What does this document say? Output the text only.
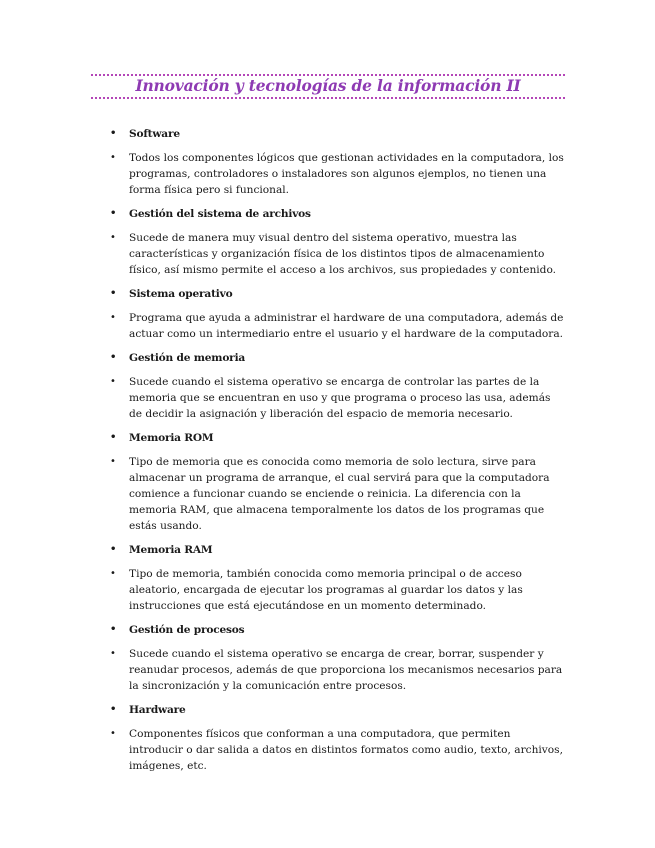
Innovación y tecnologías de la información II
• Software
• Todos los componentes lógicos que gestionan actividades en la computadora, los programas, controladores o instaladores son algunos ejemplos, no tienen una forma física pero si funcional.
• Gestión del sistema de archivos
• Sucede de manera muy visual dentro del sistema operativo, muestra las características y organización física de los distintos tipos de almacenamiento físico, así mismo permite el acceso a los archivos, sus propiedades y contenido.
• Sistema operativo
• Programa que ayuda a administrar el hardware de una computadora, además de actuar como un intermediario entre el usuario y el hardware de la computadora.
• Gestión de memoria
• Sucede cuando el sistema operativo se encarga de controlar las partes de la memoria que se encuentran en uso y que programa o proceso las usa, además de decidir la asignación y liberación del espacio de memoria necesario.
• Memoria ROM
• Tipo de memoria que es conocida como memoria de solo lectura, sirve para almacenar un programa de arranque, el cual servirá para que la computadora comience a funcionar cuando se enciende o reinicia. La diferencia con la memoria RAM, que almacena temporalmente los datos de los programas que estás usando.
• Memoria RAM
• Tipo de memoria, también conocida como memoria principal o de acceso aleatorio, encargada de ejecutar los programas al guardar los datos y las instrucciones que está ejecutándose en un momento determinado.
• Gestión de procesos
• Sucede cuando el sistema operativo se encarga de crear, borrar, suspender y reanudar procesos, además de que proporciona los mecanismos necesarios para la sincronización y la comunicación entre procesos.
• Hardware
• Componentes físicos que conforman a una computadora, que permiten introducir o dar salida a datos en distintos formatos como audio, texto, archivos, imágenes, etc.
